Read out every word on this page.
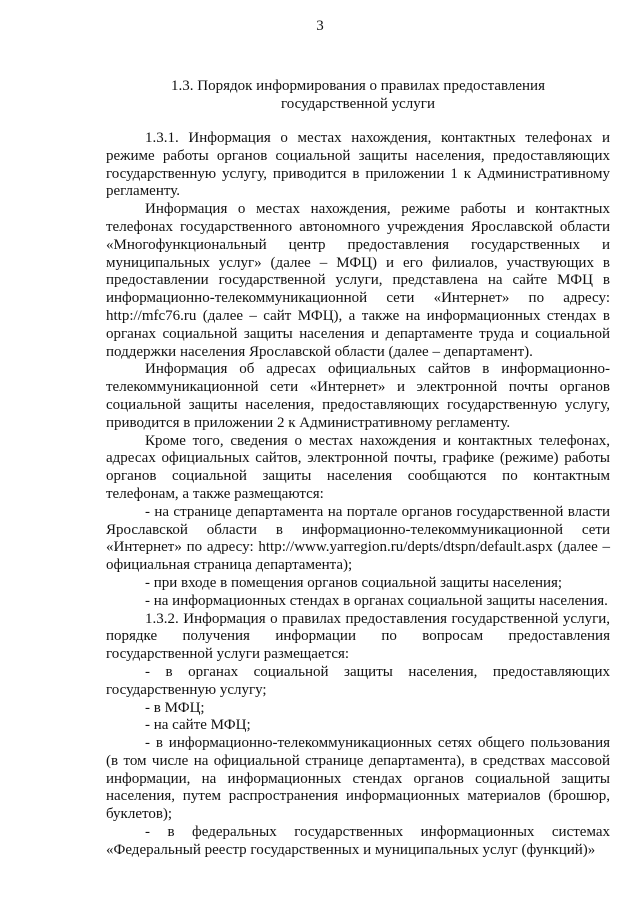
3
1.3. Порядок информирования о правилах предоставления
государственной услуги

1.3.1. Информация о местах нахождения, контактных телефонах и режиме работы органов социальной защиты населения, предоставляющих государственную услугу, приводится в приложении 1 к Административному регламенту.

Информация о местах нахождения, режиме работы и контактных телефонах государственного автономного учреждения Ярославской области «Многофункциональный центр предоставления государственных и муниципальных услуг» (далее – МФЦ) и его филиалов, участвующих в предоставлении государственной услуги, представлена на сайте МФЦ в информационно-телекоммуникационной сети «Интернет» по адресу: http://mfc76.ru (далее – сайт МФЦ), а также на информационных стендах в органах социальной защиты населения и департаменте труда и социальной поддержки населения Ярославской области (далее – департамент).

Информация об адресах официальных сайтов в информационно-телекоммуникационной сети «Интернет» и электронной почты органов социальной защиты населения, предоставляющих государственную услугу, приводится в приложении 2 к Административному регламенту.

Кроме того, сведения о местах нахождения и контактных телефонах, адресах официальных сайтов, электронной почты, графике (режиме) работы органов социальной защиты населения сообщаются по контактным телефонам, а также размещаются:

- на странице департамента на портале органов государственной власти Ярославской области в информационно-телекоммуникационной сети «Интернет» по адресу: http://www.yarregion.ru/depts/dtspn/default.aspx (далее – официальная страница департамента);

- при входе в помещения органов социальной защиты населения;

- на информационных стендах в органах социальной защиты населения.

1.3.2. Информация о правилах предоставления государственной услуги, порядке получения информации по вопросам предоставления государственной услуги размещается:

- в органах социальной защиты населения, предоставляющих государственную услугу;

- в МФЦ;

- на сайте МФЦ;

- в информационно-телекоммуникационных сетях общего пользования (в том числе на официальной странице департамента), в средствах массовой информации, на информационных стендах органов социальной защиты населения, путем распространения информационных материалов (брошюр, буклетов);

- в федеральных государственных информационных системах «Федеральный реестр государственных и муниципальных услуг (функций)»
